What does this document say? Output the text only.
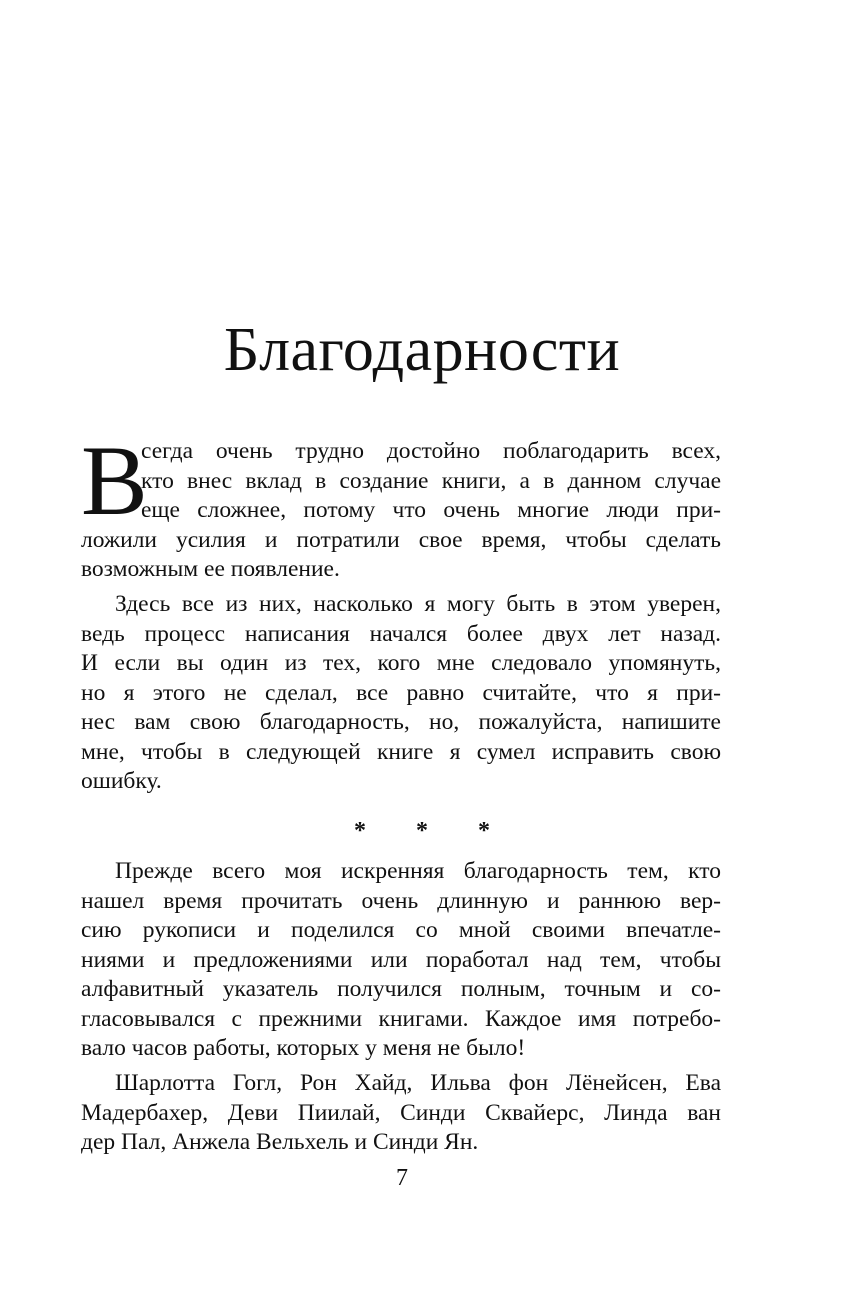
Благодарности
В
сегда очень трудно достойно поблагодарить всех,
кто внес вклад в создание книги, а в данном случае
еще сложнее, потому что очень многие люди при-
ложили усилия и потратили свое время, чтобы сделать
возможным ее появление.
Здесь все из них, насколько я могу быть в этом уверен,
ведь процесс написания начался более двух лет назад.
И если вы один из тех, кого мне следовало упомянуть,
но я этого не сделал, все равно считайте, что я при-
нес вам свою благодарность, но, пожалуйста, напишите
мне, чтобы в следующей книге я сумел исправить свою
ошибку.
* * *
Прежде всего моя искренняя благодарность тем, кто
нашел время прочитать очень длинную и раннюю вер-
сию рукописи и поделился со мной своими впечатле-
ниями и предложениями или поработал над тем, чтобы
алфавитный указатель получился полным, точным и со-
гласовывался с прежними книгами. Каждое имя потребо-
вало часов работы, которых у меня не было!
Шарлотта Гогл, Рон Хайд, Ильва фон Лёнейсен, Ева
Мадербахер, Деви Пиилай, Синди Сквайерс, Линда ван
дер Пал, Анжела Вельхель и Синди Ян.
7
